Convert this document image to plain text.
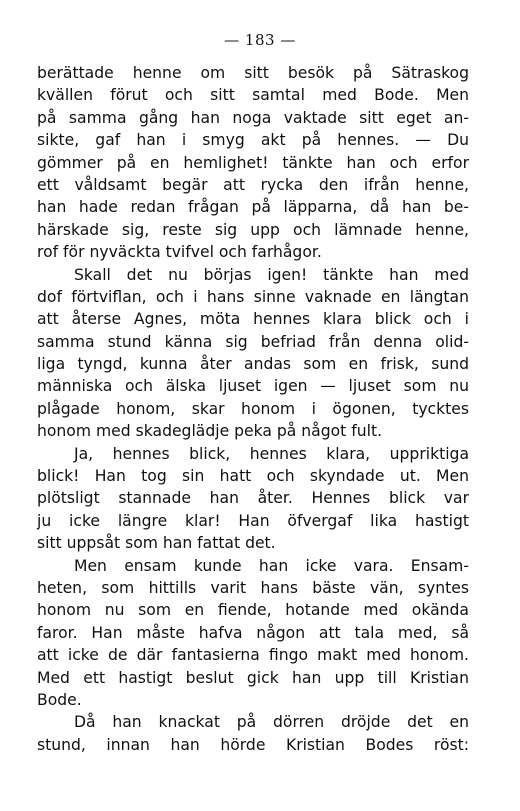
— 183 —

berättade henne om sitt besök på Sätraskog
kvällen förut och sitt samtal med Bode. Men
på samma gång han noga vaktade sitt eget an-
sikte, gaf han i smyg akt på hennes. — Du
gömmer på en hemlighet! tänkte han och erfor
ett våldsamt begär att rycka den ifrån henne,
han hade redan frågan på läpparna, då han be-
härskade sig, reste sig upp och lämnade henne,
rof för nyväckta tvifvel och farhågor.

Skall det nu börjas igen! tänkte han med
dof förtviflan, och i hans sinne vaknade en längtan
att återse Agnes, möta hennes klara blick och i
samma stund känna sig befriad från denna olid-
liga tyngd, kunna åter andas som en frisk, sund
människa och älska ljuset igen — ljuset som nu
plågade honom, skar honom i ögonen, tycktes
honom med skadeglädje peka på något fult.

Ja, hennes blick, hennes klara, uppriktiga
blick! Han tog sin hatt och skyndade ut. Men
plötsligt stannade han åter. Hennes blick var
ju icke längre klar! Han öfvergaf lika hastigt
sitt uppsåt som han fattat det.

Men ensam kunde han icke vara. Ensam-
heten, som hittills varit hans bäste vän, syntes
honom nu som en fiende, hotande med okända
faror. Han måste hafva någon att tala med, så
att icke de där fantasierna fingo makt med honom.
Med ett hastigt beslut gick han upp till Kristian
Bode.

Då han knackat på dörren dröjde det en
stund, innan han hörde Kristian Bodes röst:
